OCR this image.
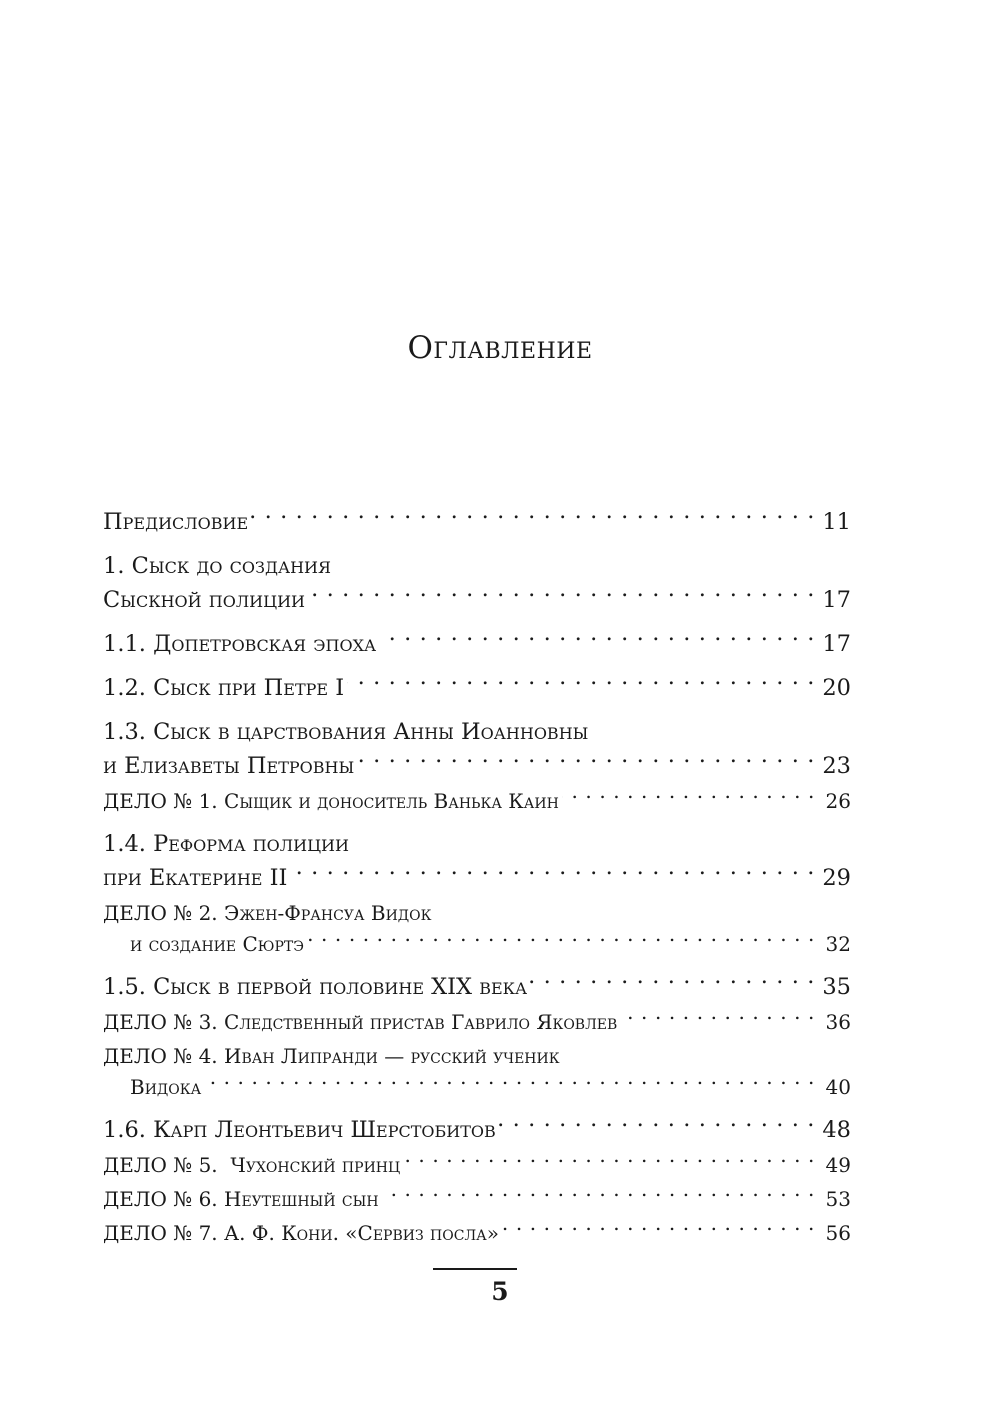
Оглавление
Предисловие . . .	11
1. Сыск до создания
Сыскной полиции . . .	17
1.1. Допетровская эпоха . . .	17
1.2. Сыск при Петре I . . .	20
1.3. Сыск в царствования Анны Иоанновны
и Елизаветы Петровны . . .	23
ДЕЛО № 1. Сыщик и доноситель Ванька Каин . . .	26
1.4. Реформа полиции
при Екатерине II . . .	29
ДЕЛО № 2. Эжен-Франсуа Видок
и создание Сюртэ . . .	32
1.5. Сыск в первой половине XIX века . . .	35
ДЕЛО № 3. Следственный пристав Гаврило Яковлев . . .	36
ДЕЛО № 4. Иван Липранди — русский ученик
Видока . . .	40
1.6. Карп Леонтьевич Шерстобитов . . .	48
ДЕЛО № 5.  Чухонский принц . . .	49
ДЕЛО № 6. Неутешный сын . . .	53
ДЕЛО № 7. А. Ф. Кони. «Сервиз посла» . . .	56

5
